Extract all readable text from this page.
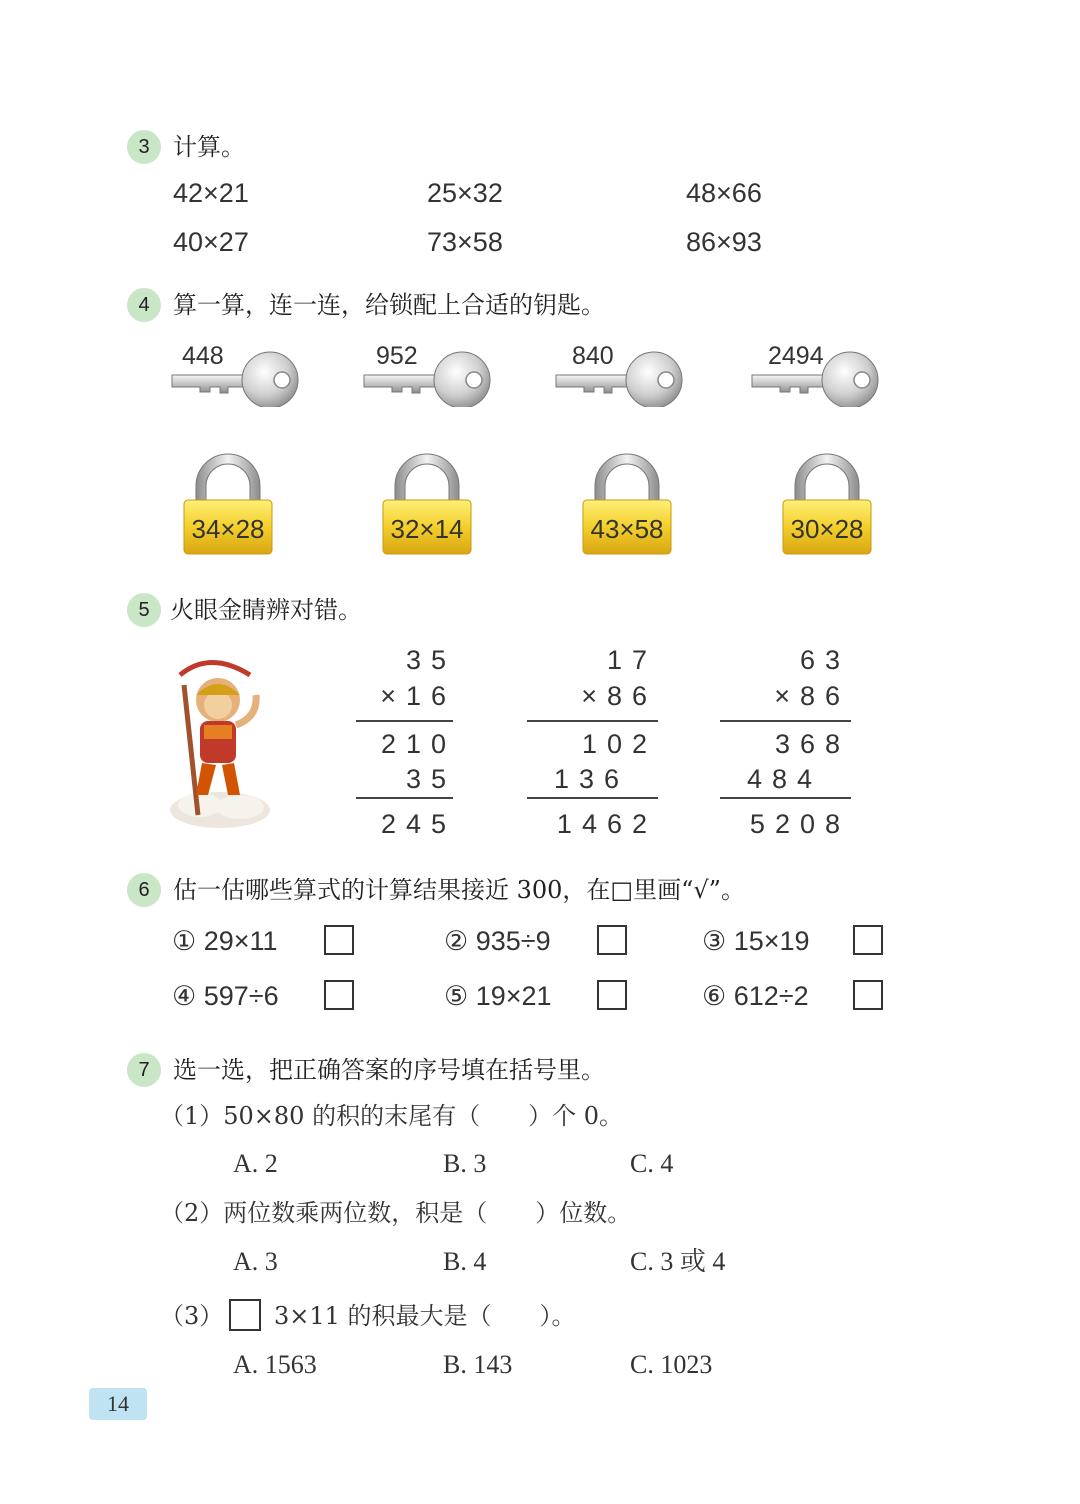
3 计算。
42×21	25×32	48×66
40×27	73×58	86×93
4 算一算，连一连，给锁配上合适的钥匙。
448	952	840	2494
34×28	32×14	43×58	30×28
5 火眼金睛辨对错。
35
×16
210
35
245
17
×86
102
136
1462
63
×86
368
484
5208
6 估一估哪些算式的计算结果接近 300，在□里画“√”。
① 29×11	② 935÷9	③ 15×19
④ 597÷6	⑤ 19×21	⑥ 612÷2
7 选一选，把正确答案的序号填在括号里。
（1）50×80 的积的末尾有（　　）个 0。
A. 2	B. 3	C. 4
（2）两位数乘两位数，积是（　　）位数。
A. 3	B. 4	C. 3 或 4
（3） 3×11 的积最大是（　　）。
A. 1563	B. 143	C. 1023
14
